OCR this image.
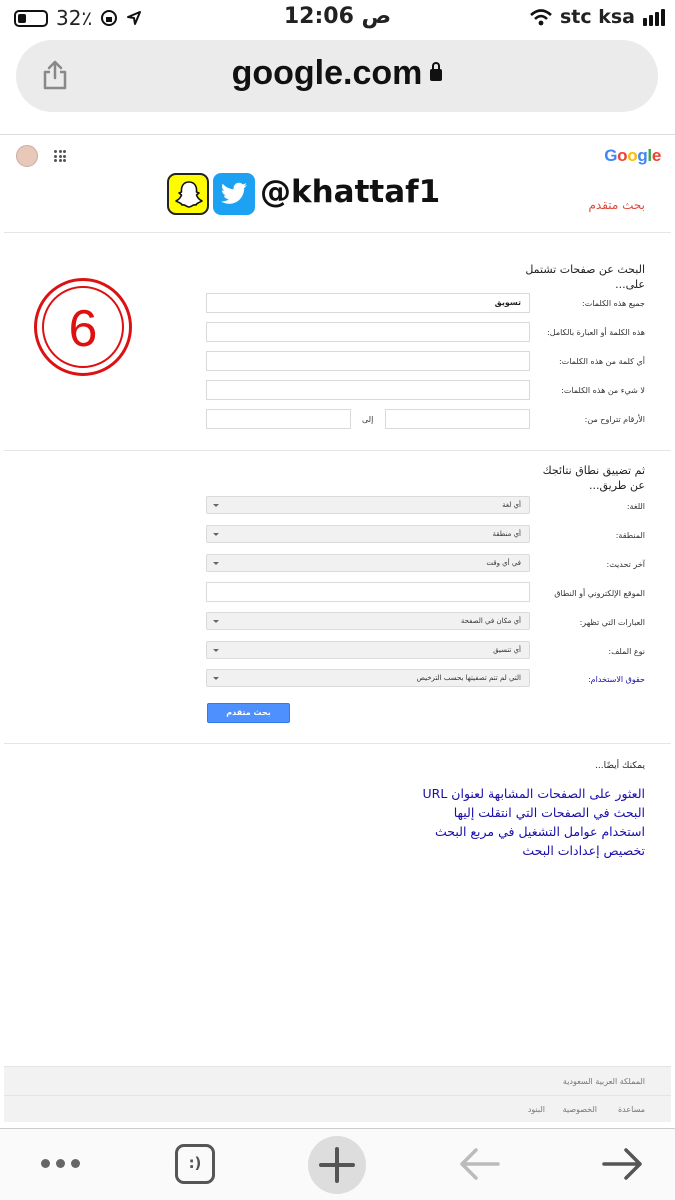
32٪	12:06 ص	stc ksa
google.com
Google
@khattaf1	بحث متقدم
6
البحث عن صفحات تشتمل على...
جميع هذه الكلمات:
تسويق
هذه الكلمة أو العبارة بالكامل:
أي كلمة من هذه الكلمات:
لا شيء من هذه الكلمات:
الأرقام تتراوح من:
إلى
ثم تضييق نطاق نتائجك عن طريق...
اللغة:
أي لغة
المنطقة:
أي منطقة
آخر تحديث:
في أي وقت
الموقع الإلكتروني أو النطاق
العبارات التي تظهر:
أي مكان في الصفحة
نوع الملف:
أي تنسيق
حقوق الاستخدام:
التي لم تتم تصفيتها بحسب الترخيص
بحث متقدم
يمكنك أيضًا...
العثور على الصفحات المشابهة لعنوان URL
البحث في الصفحات التي انتقلت إليها
استخدام عوامل التشغيل في مربع البحث
تخصيص إعدادات البحث
المملكة العربية السعودية
مساعدة
الخصوصية
البنود
:)
